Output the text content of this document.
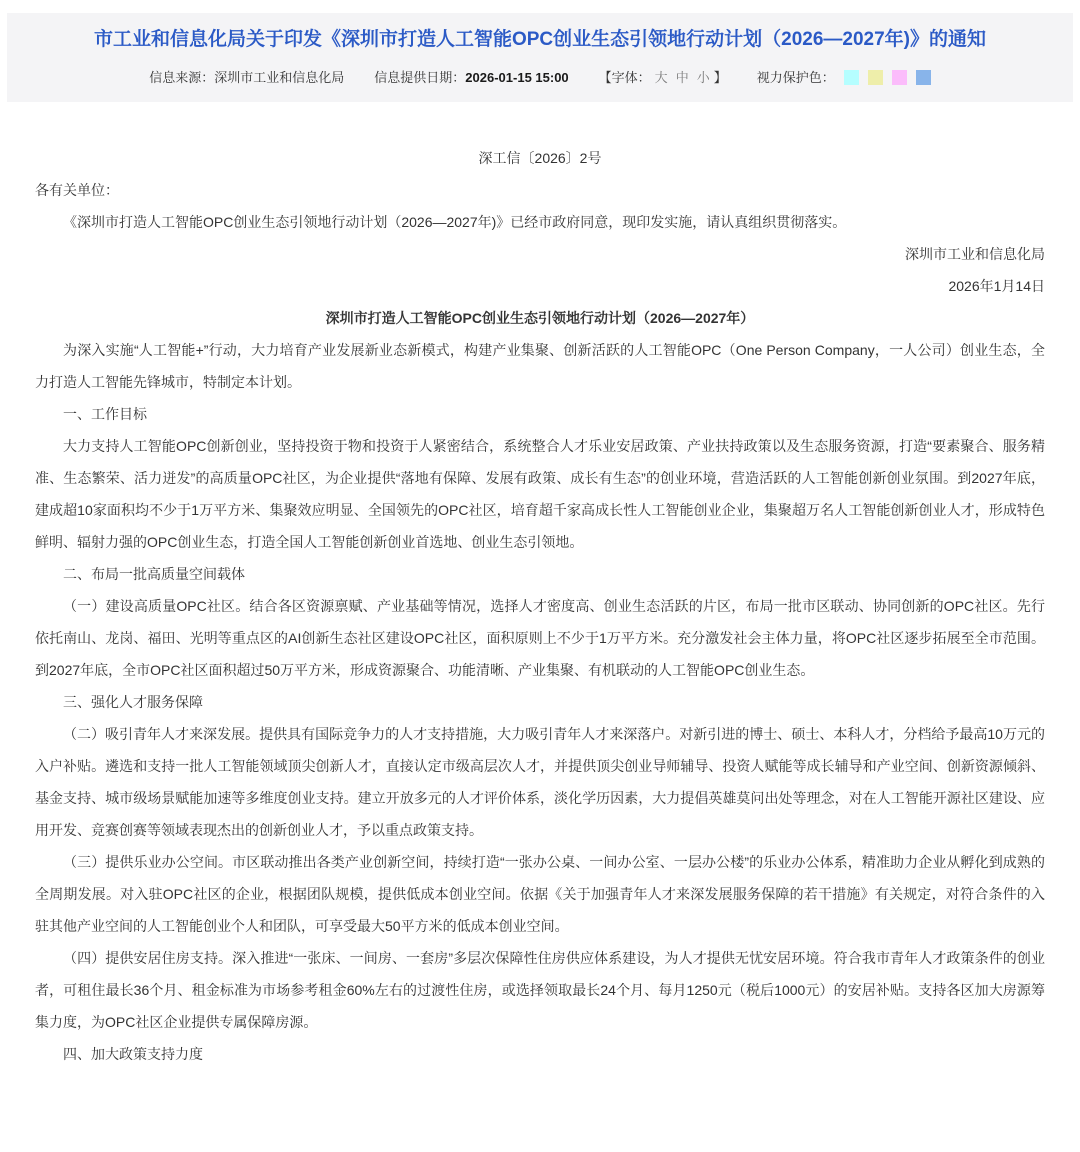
市工业和信息化局关于印发《深圳市打造人工智能OPC创业生态引领地行动计划（2026—2027年)》的通知
信息来源：深圳市工业和信息化局 信息提供日期：2026-01-15 15:00 【字体： 大 中 小 】 视力保护色：

深工信〔2026〕2号

各有关单位：

《深圳市打造人工智能OPC创业生态引领地行动计划（2026—2027年)》已经市政府同意，现印发实施，请认真组织贯彻落实。

深圳市工业和信息化局

2026年1月14日

深圳市打造人工智能OPC创业生态引领地行动计划（2026—2027年）

为深入实施“人工智能+”行动，大力培育产业发展新业态新模式，构建产业集聚、创新活跃的人工智能OPC（One Person Company，一人公司）创业生态，全力打造人工智能先锋城市，特制定本计划。

一、工作目标

大力支持人工智能OPC创新创业，坚持投资于物和投资于人紧密结合，系统整合人才乐业安居政策、产业扶持政策以及生态服务资源，打造“要素聚合、服务精准、生态繁荣、活力迸发”的高质量OPC社区，为企业提供“落地有保障、发展有政策、成长有生态”的创业环境，营造活跃的人工智能创新创业氛围。到2027年底，建成超10家面积均不少于1万平方米、集聚效应明显、全国领先的OPC社区，培育超千家高成长性人工智能创业企业，集聚超万名人工智能创新创业人才，形成特色鲜明、辐射力强的OPC创业生态，打造全国人工智能创新创业首选地、创业生态引领地。

二、布局一批高质量空间载体

（一）建设高质量OPC社区。结合各区资源禀赋、产业基础等情况，选择人才密度高、创业生态活跃的片区，布局一批市区联动、协同创新的OPC社区。先行依托南山、龙岗、福田、光明等重点区的AI创新生态社区建设OPC社区，面积原则上不少于1万平方米。充分激发社会主体力量，将OPC社区逐步拓展至全市范围。到2027年底，全市OPC社区面积超过50万平方米，形成资源聚合、功能清晰、产业集聚、有机联动的人工智能OPC创业生态。

三、强化人才服务保障

（二）吸引青年人才来深发展。提供具有国际竞争力的人才支持措施，大力吸引青年人才来深落户。对新引进的博士、硕士、本科人才，分档给予最高10万元的入户补贴。遴选和支持一批人工智能领域顶尖创新人才，直接认定市级高层次人才，并提供顶尖创业导师辅导、投资人赋能等成长辅导和产业空间、创新资源倾斜、基金支持、城市级场景赋能加速等多维度创业支持。建立开放多元的人才评价体系，淡化学历因素，大力提倡英雄莫问出处等理念，对在人工智能开源社区建设、应用开发、竞赛创赛等领域表现杰出的创新创业人才，予以重点政策支持。

（三）提供乐业办公空间。市区联动推出各类产业创新空间，持续打造“一张办公桌、一间办公室、一层办公楼”的乐业办公体系，精准助力企业从孵化到成熟的全周期发展。对入驻OPC社区的企业，根据团队规模，提供低成本创业空间。依据《关于加强青年人才来深发展服务保障的若干措施》有关规定，对符合条件的入驻其他产业空间的人工智能创业个人和团队，可享受最大50平方米的低成本创业空间。

（四）提供安居住房支持。深入推进“一张床、一间房、一套房”多层次保障性住房供应体系建设，为人才提供无忧安居环境。符合我市青年人才政策条件的创业者，可租住最长36个月、租金标准为市场参考租金60%左右的过渡性住房，或选择领取最长24个月、每月1250元（税后1000元）的安居补贴。支持各区加大房源筹集力度，为OPC社区企业提供专属保障房源。

四、加大政策支持力度
